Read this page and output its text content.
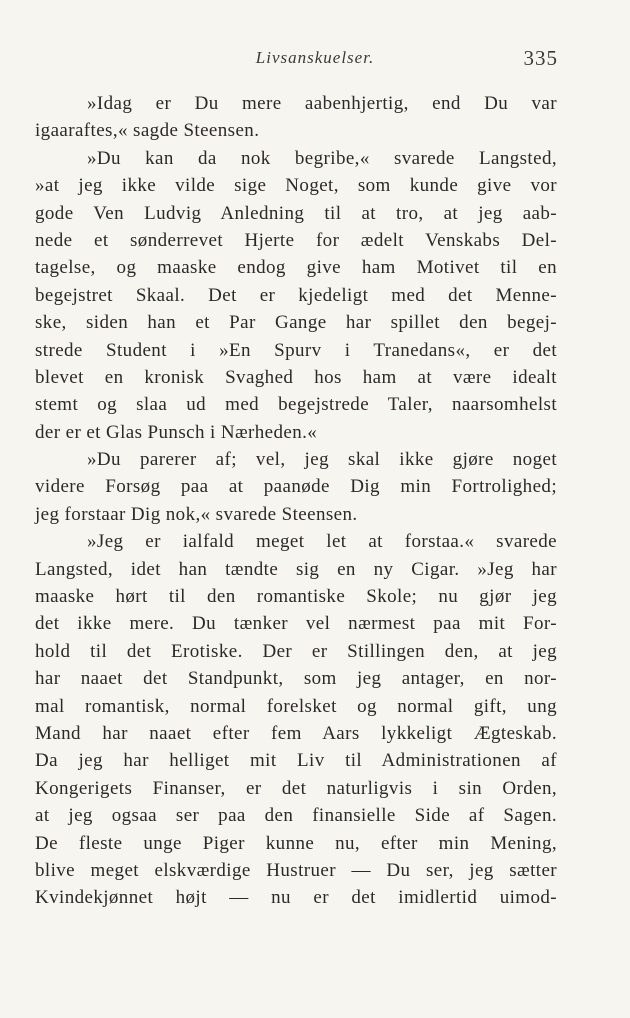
Livsanskuelser.	335
»Idag er Du mere aabenhjertig, end Du var
igaaraftes,« sagde Steensen.
»Du kan da nok begribe,« svarede Langsted,
»at jeg ikke vilde sige Noget, som kunde give vor
gode Ven Ludvig Anledning til at tro, at jeg aab-
nede et sønderrevet Hjerte for ædelt Venskabs Del-
tagelse, og maaske endog give ham Motivet til en
begejstret Skaal. Det er kjedeligt med det Menne-
ske, siden han et Par Gange har spillet den begej-
strede Student i »En Spurv i Tranedans«, er det
blevet en kronisk Svaghed hos ham at være idealt
stemt og slaa ud med begejstrede Taler, naarsomhelst
der er et Glas Punsch i Nærheden.«
»Du parerer af; vel, jeg skal ikke gjøre noget
videre Forsøg paa at paanøde Dig min Fortrolighed;
jeg forstaar Dig nok,« svarede Steensen.
»Jeg er ialfald meget let at forstaa.« svarede
Langsted, idet han tændte sig en ny Cigar. »Jeg har
maaske hørt til den romantiske Skole; nu gjør jeg
det ikke mere. Du tænker vel nærmest paa mit For-
hold til det Erotiske. Der er Stillingen den, at jeg
har naaet det Standpunkt, som jeg antager, en nor-
mal romantisk, normal forelsket og normal gift, ung
Mand har naaet efter fem Aars lykkeligt Ægteskab.
Da jeg har helliget mit Liv til Administrationen af
Kongerigets Finanser, er det naturligvis i sin Orden,
at jeg ogsaa ser paa den finansielle Side af Sagen.
De fleste unge Piger kunne nu, efter min Mening,
blive meget elskværdige Hustruer — Du ser, jeg sætter
Kvindekjønnet højt — nu er det imidlertid uimod-
